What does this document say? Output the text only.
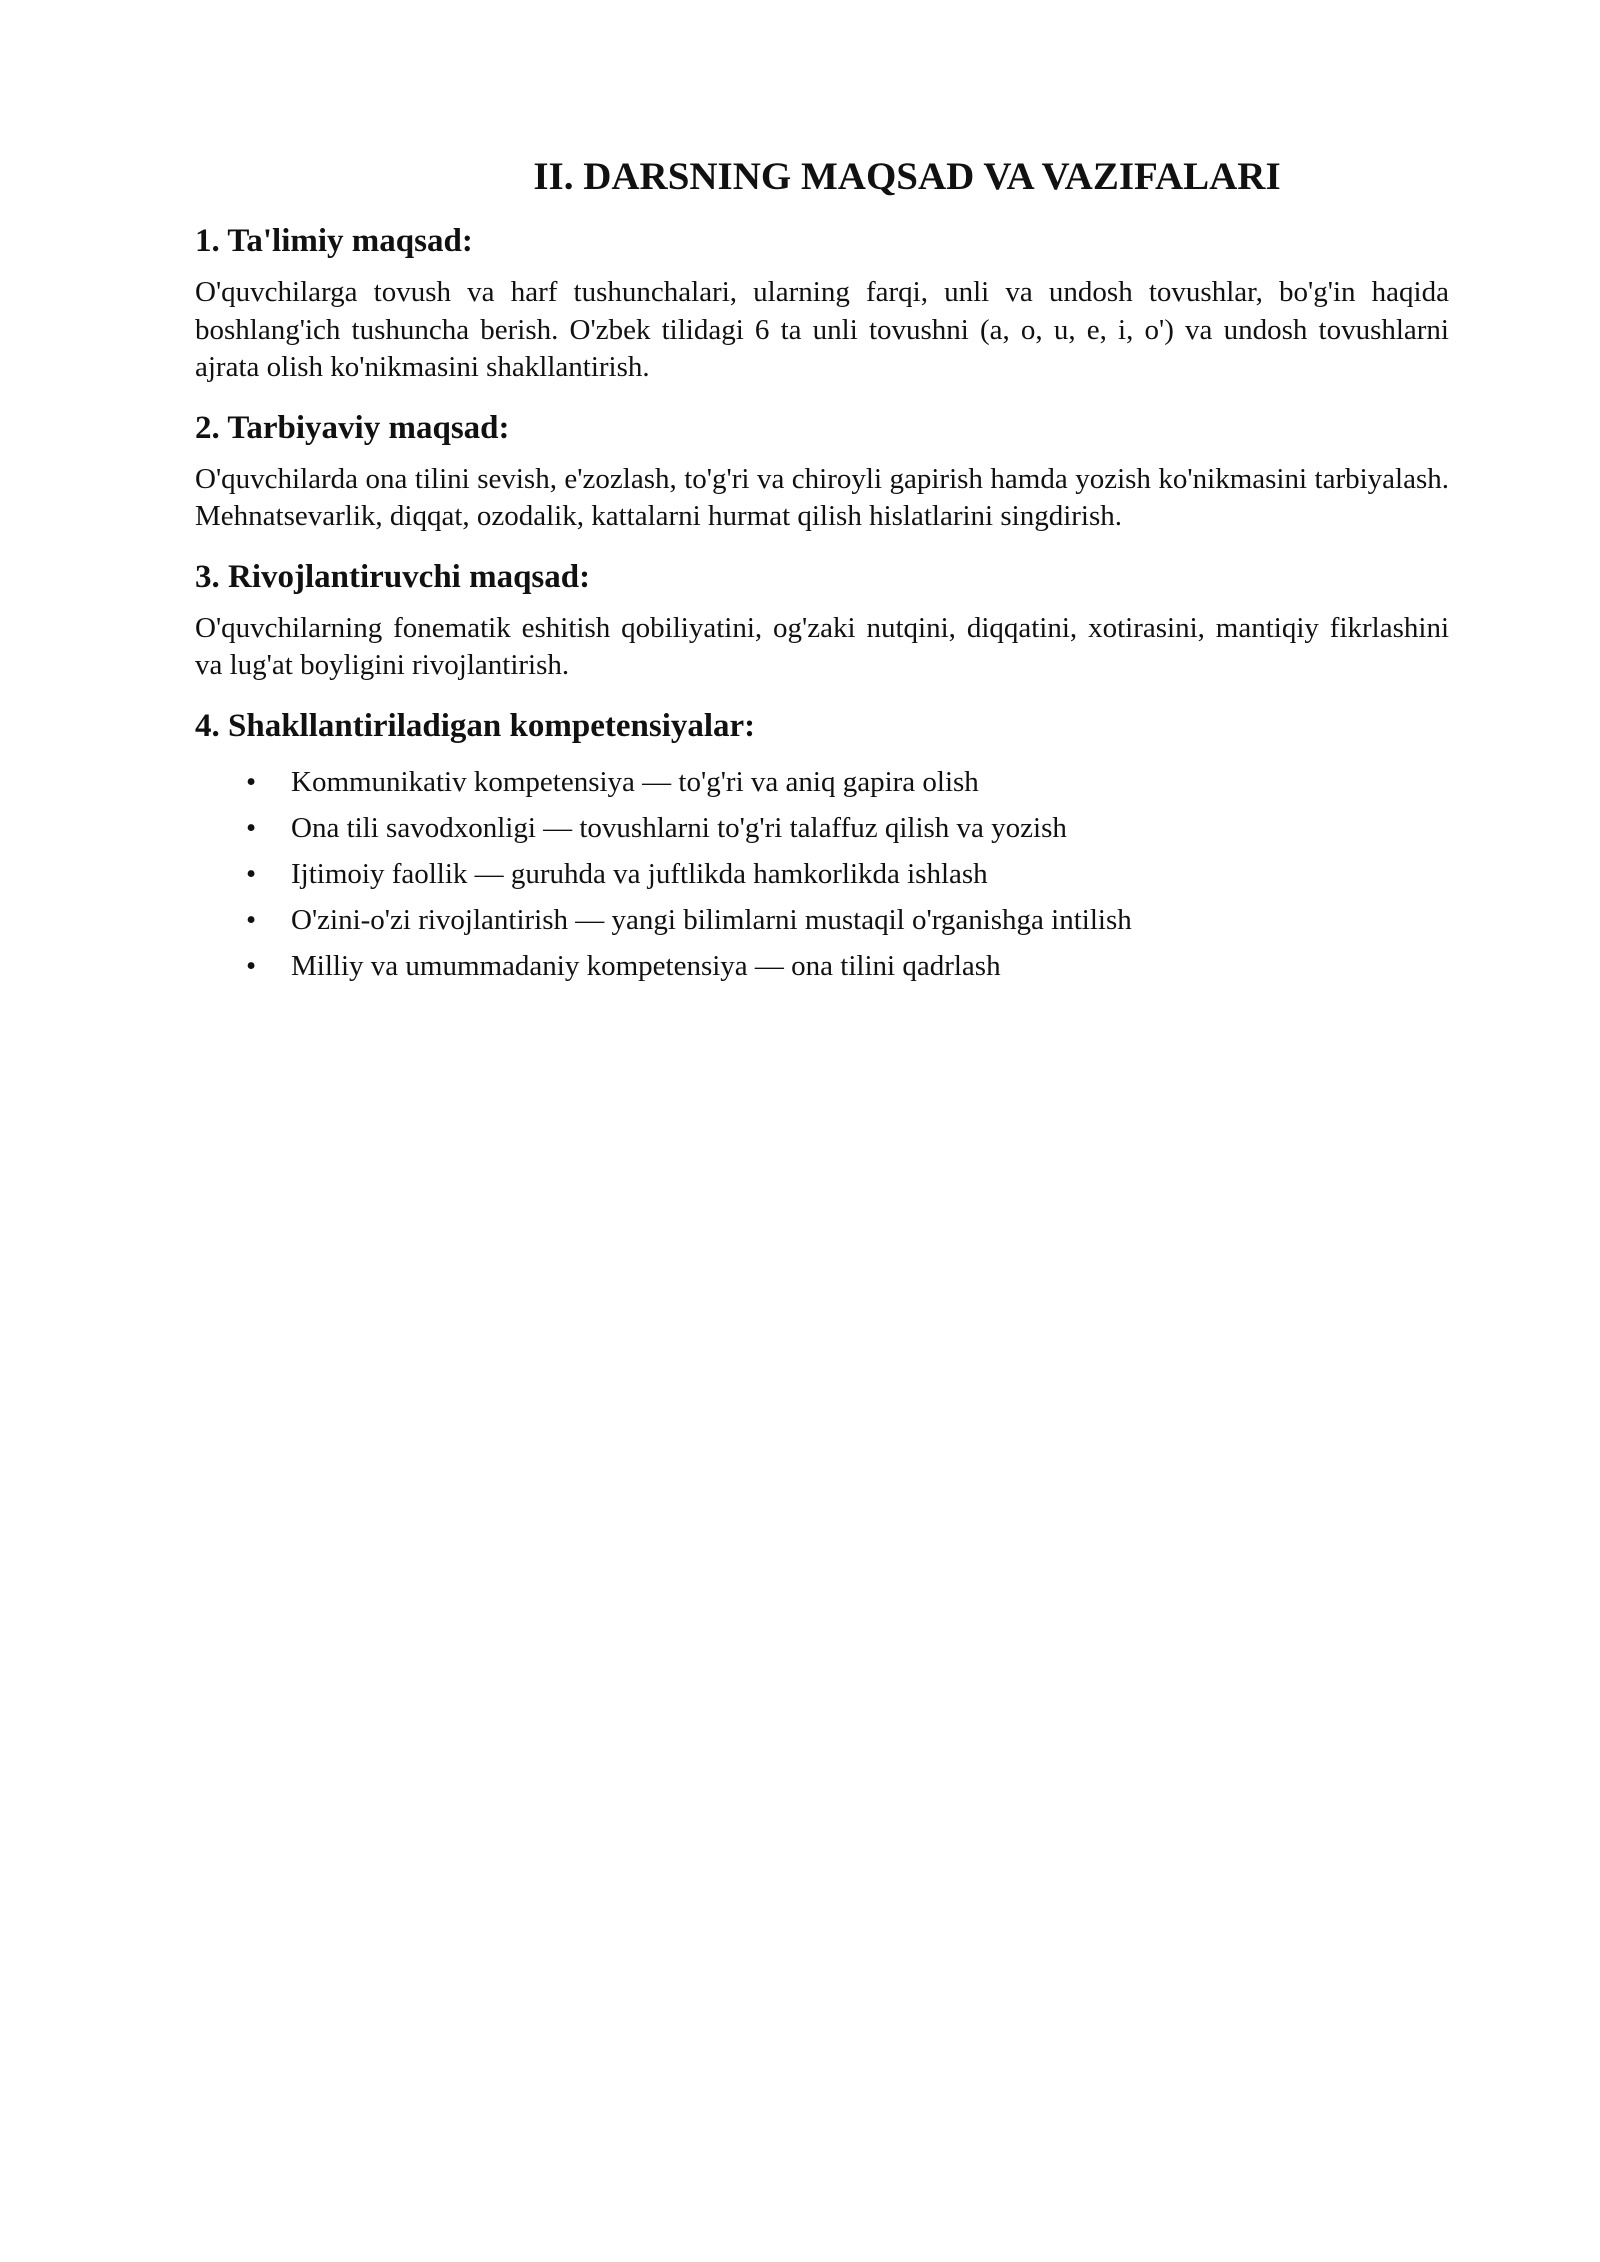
II. DARSNING MAQSAD VA VAZIFALARI
1. Ta'limiy maqsad:

O'quvchilarga tovush va harf tushunchalari, ularning farqi, unli va undosh tovushlar, bo'g'in haqida boshlang'ich tushuncha berish. O'zbek tilidagi 6 ta unli tovushni (a, o, u, e, i, o') va undosh tovushlarni ajrata olish ko'nikmasini shakllantirish.

2. Tarbiyaviy maqsad:

O'quvchilarda ona tilini sevish, e'zozlash, to'g'ri va chiroyli gapirish hamda yozish ko'nikmasini tarbiyalash. Mehnatsevarlik, diqqat, ozodalik, kattalarni hurmat qilish hislatlarini singdirish.

3. Rivojlantiruvchi maqsad:

O'quvchilarning fonematik eshitish qobiliyatini, og'zaki nutqini, diqqatini, xotirasini, mantiqiy fikrlashini va lug'at boyligini rivojlantirish.

4. Shakllantiriladigan kompetensiyalar:
• Kommunikativ kompetensiya — to'g'ri va aniq gapira olish
• Ona tili savodxonligi — tovushlarni to'g'ri talaffuz qilish va yozish
• Ijtimoiy faollik — guruhda va juftlikda hamkorlikda ishlash
• O'zini-o'zi rivojlantirish — yangi bilimlarni mustaqil o'rganishga intilish
• Milliy va umummadaniy kompetensiya — ona tilini qadrlash
